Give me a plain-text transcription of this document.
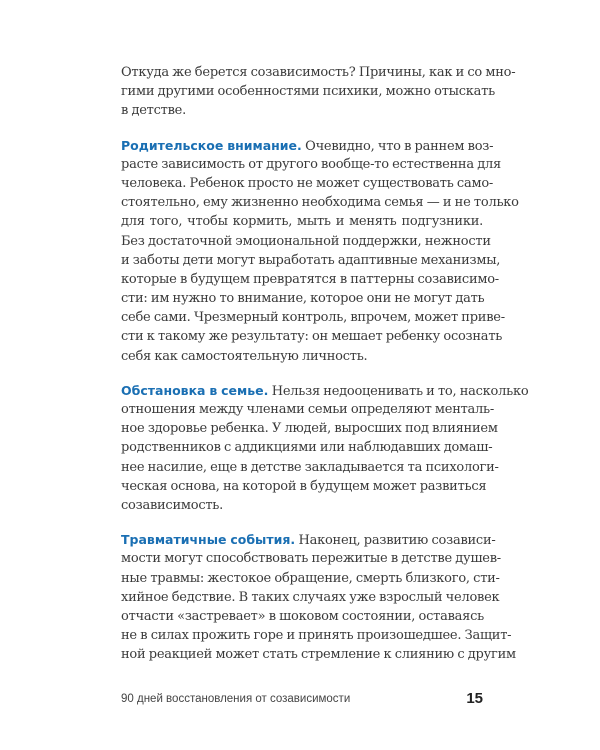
Откуда же берется созависимость? Причины, как и со мно-
гими другими особенностями психики, можно отыскать
в детстве.
Родительское внимание. Очевидно, что в раннем воз-
расте зависимость от другого вообще-то естественна для
человека. Ребенок просто не может существовать само-
стоятельно, ему жизненно необходима семья — и не только
для того, чтобы кормить, мыть и менять подгузники.
Без достаточной эмоциональной поддержки, нежности
и заботы дети могут выработать адаптивные механизмы,
которые в будущем превратятся в паттерны созависимо-
сти: им нужно то внимание, которое они не могут дать
себе сами. Чрезмерный контроль, впрочем, может приве-
сти к такому же результату: он мешает ребенку осознать
себя как самостоятельную личность.
Обстановка в семье. Нельзя недооценивать и то, насколько
отношения между членами семьи определяют менталь-
ное здоровье ребенка. У людей, выросших под влиянием
родственников с аддикциями или наблюдавших домаш-
нее насилие, еще в детстве закладывается та психологи-
ческая основа, на которой в будущем может развиться
созависимость.
Травматичные события. Наконец, развитию созависи-
мости могут способствовать пережитые в детстве душев-
ные травмы: жестокое обращение, смерть близкого, сти-
хийное бедствие. В таких случаях уже взрослый человек
отчасти «застревает» в шоковом состоянии, оставаясь
не в силах прожить горе и принять произошедшее. Защит-
ной реакцией может стать стремление к слиянию с другим
90 дней восстановления от созависимости	15
